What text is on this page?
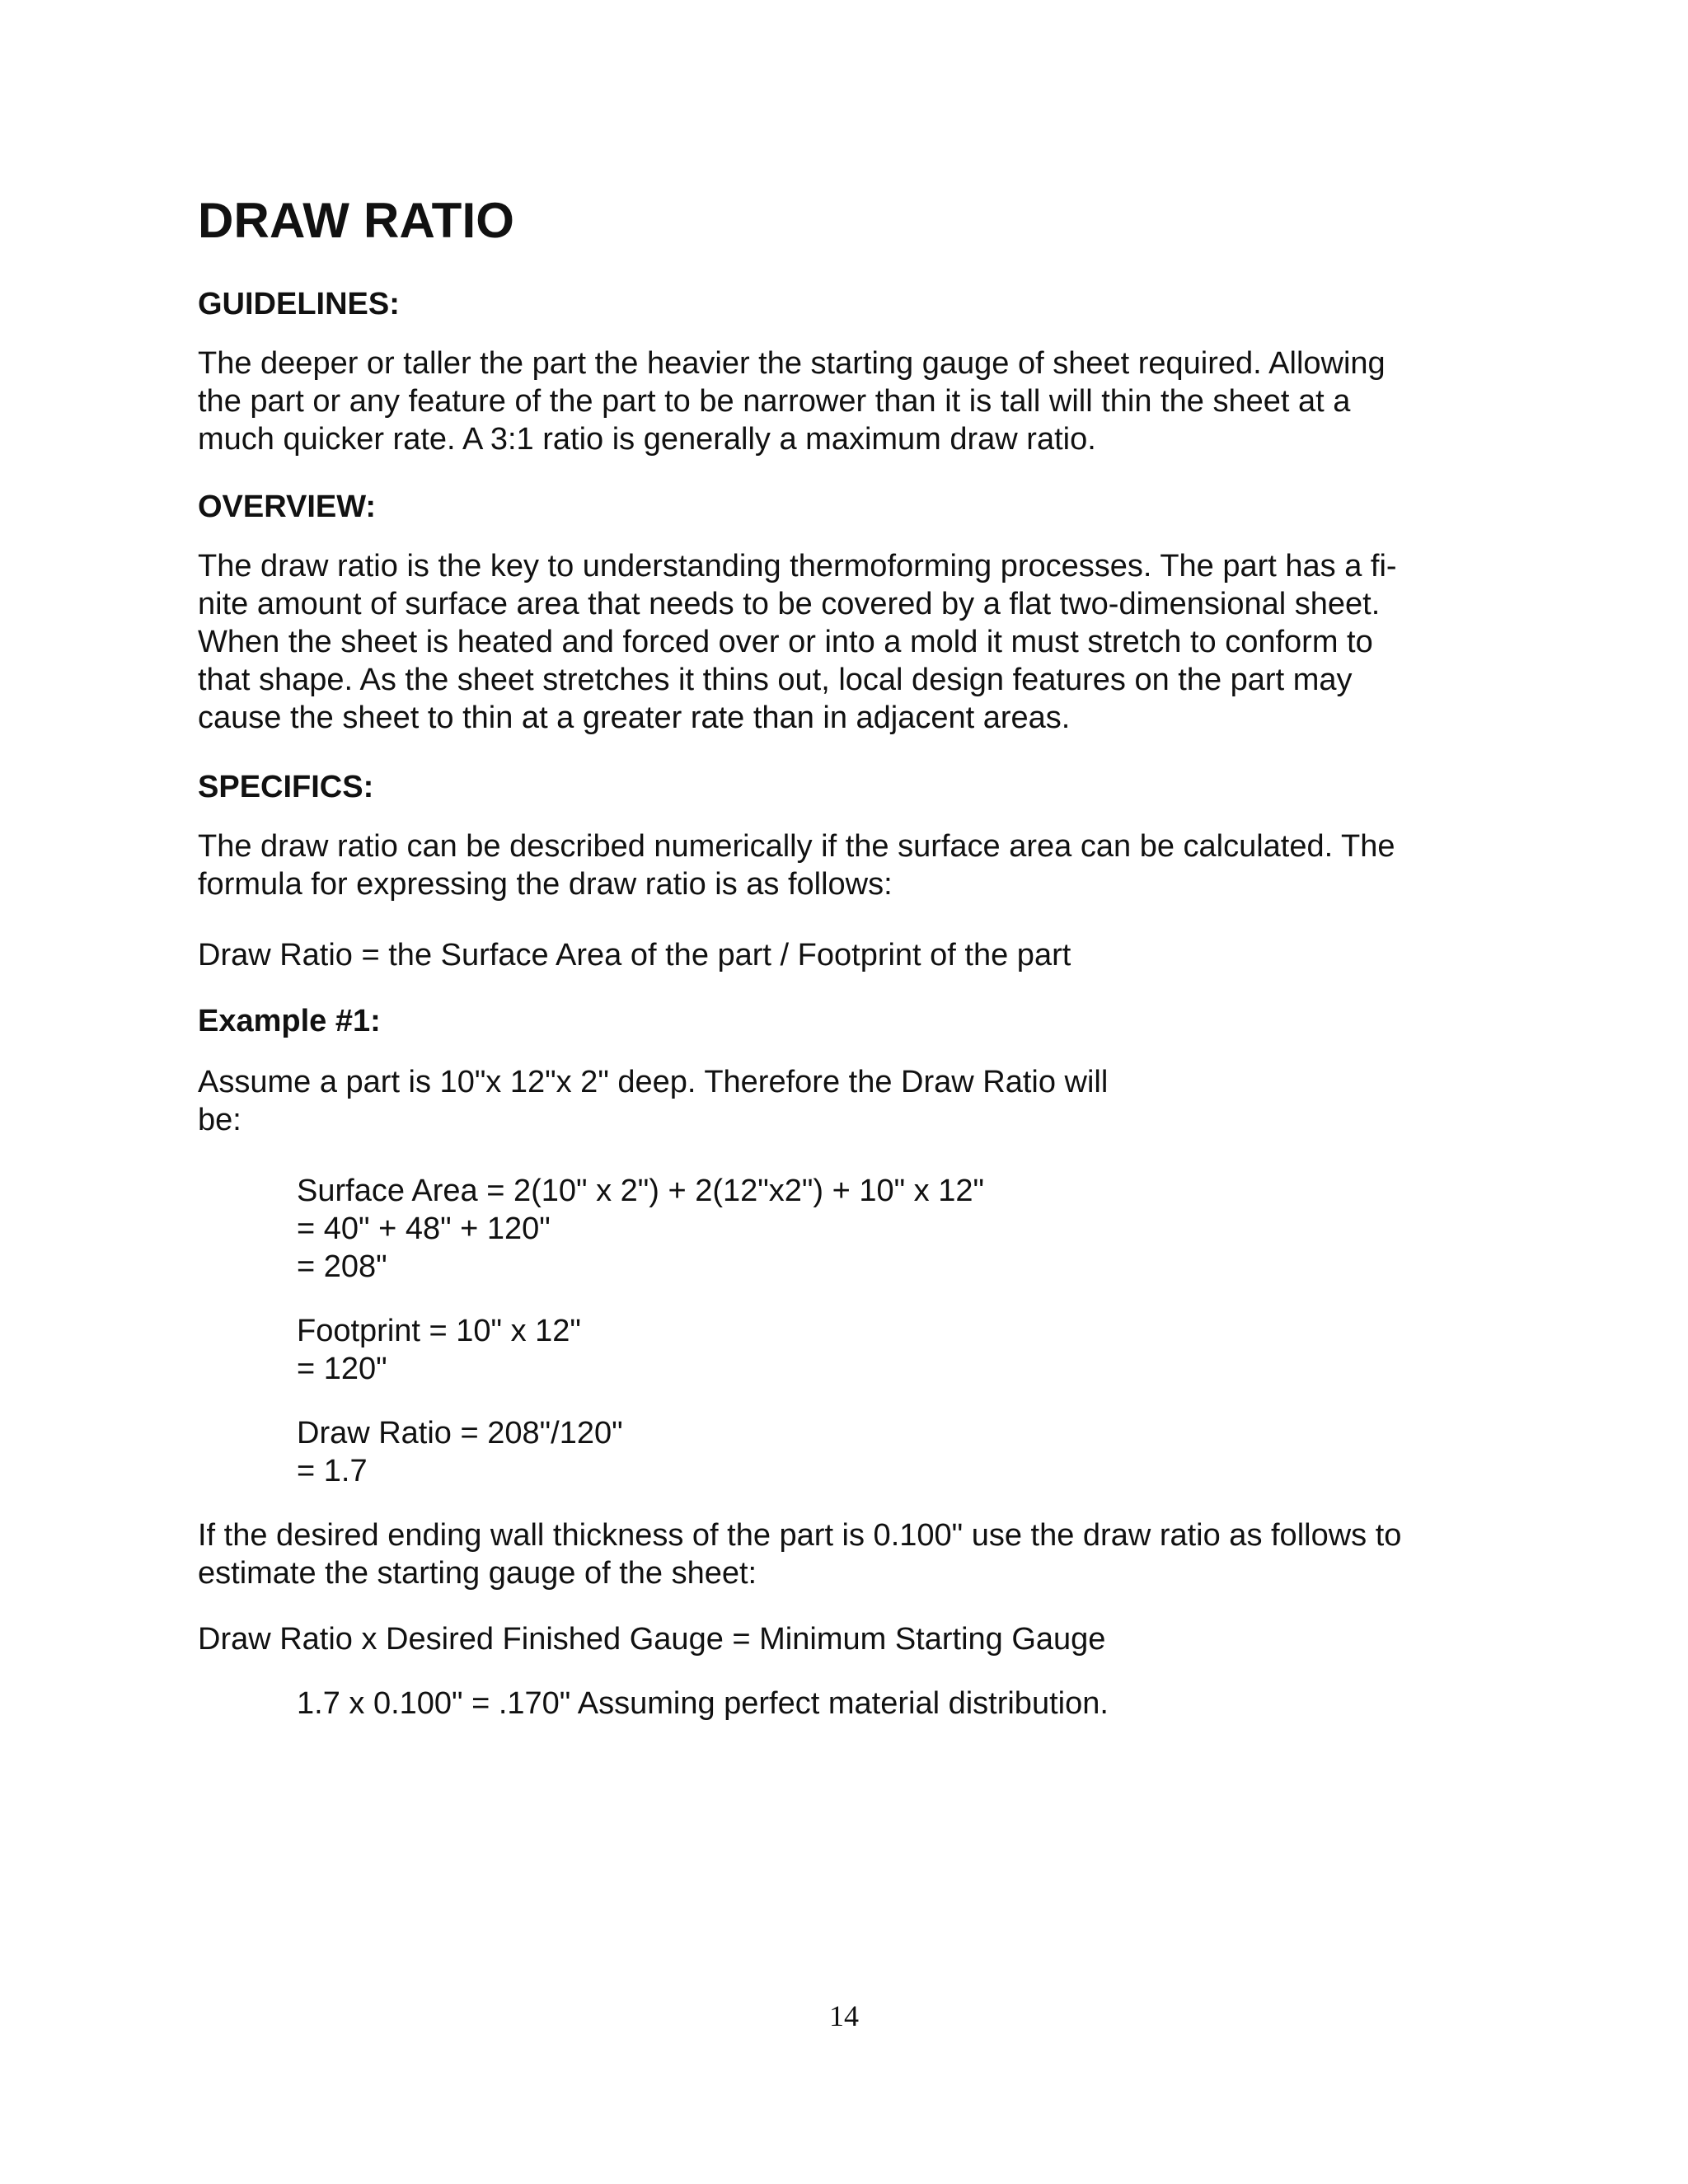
DRAW RATIO
GUIDELINES:
The deeper or taller the part the heavier the starting gauge of sheet required. Allowing
the part or any feature of the part to be narrower than it is tall will thin the sheet at a
much quicker rate. A 3:1 ratio is generally a maximum draw ratio.
OVERVIEW:
The draw ratio is the key to understanding thermoforming processes. The part has a fi-
nite amount of surface area that needs to be covered by a flat two-dimensional sheet.
When the sheet is heated and forced over or into a mold it must stretch to conform to
that shape. As the sheet stretches it thins out, local design features on the part may
cause the sheet to thin at a greater rate than in adjacent areas.
SPECIFICS:
The draw ratio can be described numerically if the surface area can be calculated. The
formula for expressing the draw ratio is as follows:
Draw Ratio = the Surface Area of the part / Footprint of the part
Example #1:
Assume a part is 10"x 12"x 2" deep. Therefore the Draw Ratio will
be:
Surface Area = 2(10" x 2") + 2(12"x2") + 10" x 12"
= 40" + 48" + 120"
= 208"
Footprint = 10" x 12"
= 120"
Draw Ratio = 208"/120"
= 1.7
If the desired ending wall thickness of the part is 0.100" use the draw ratio as follows to
estimate the starting gauge of the sheet:
Draw Ratio x Desired Finished Gauge = Minimum Starting Gauge
1.7 x 0.100" = .170" Assuming perfect material distribution.

14
